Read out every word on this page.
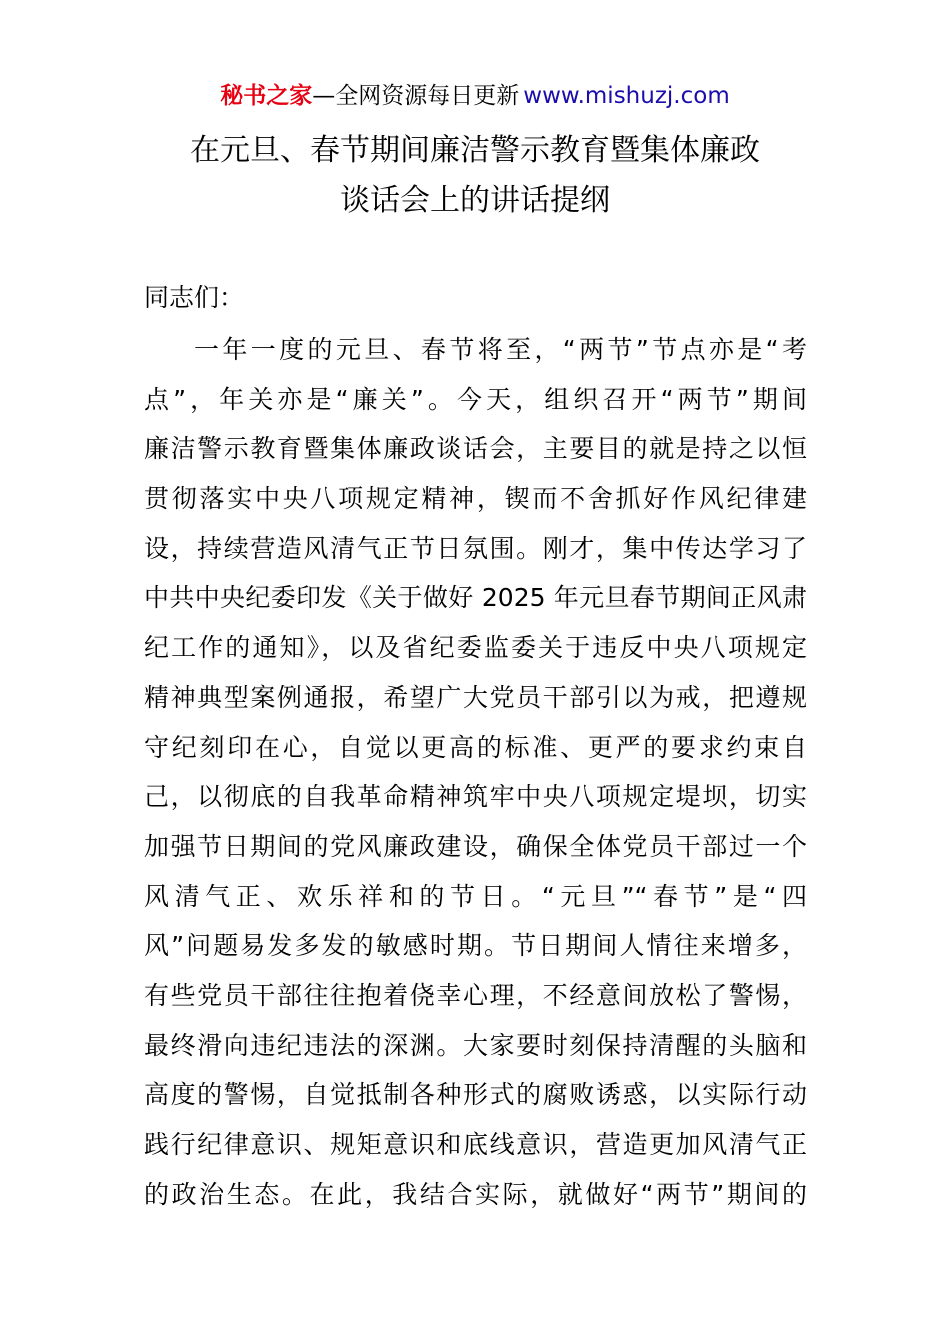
秘书之家—全网资源每日更新 www.mishuzj.com
在元旦、春节期间廉洁警示教育暨集体廉政
谈话会上的讲话提纲

同志们：

一年一度的元旦、春节将至，“两节”节点亦是“考
点”，年关亦是“廉关”。今天，组织召开“两节”期间
廉洁警示教育暨集体廉政谈话会，主要目的就是持之以恒
贯彻落实中央八项规定精神，锲而不舍抓好作风纪律建
设，持续营造风清气正节日氛围。刚才，集中传达学习了
中共中央纪委印发《关于做好 2025 年元旦春节期间正风肃
纪工作的通知》，以及省纪委监委关于违反中央八项规定
精神典型案例通报，希望广大党员干部引以为戒，把遵规
守纪刻印在心，自觉以更高的标准、更严的要求约束自
己，以彻底的自我革命精神筑牢中央八项规定堤坝，切实
加强节日期间的党风廉政建设，确保全体党员干部过一个
风清气正、欢乐祥和的节日。“元旦”“春节”是“四
风”问题易发多发的敏感时期。节日期间人情往来增多，
有些党员干部往往抱着侥幸心理，不经意间放松了警惕，
最终滑向违纪违法的深渊。大家要时刻保持清醒的头脑和
高度的警惕，自觉抵制各种形式的腐败诱惑，以实际行动
践行纪律意识、规矩意识和底线意识，营造更加风清气正
的政治生态。在此，我结合实际，就做好“两节”期间的
